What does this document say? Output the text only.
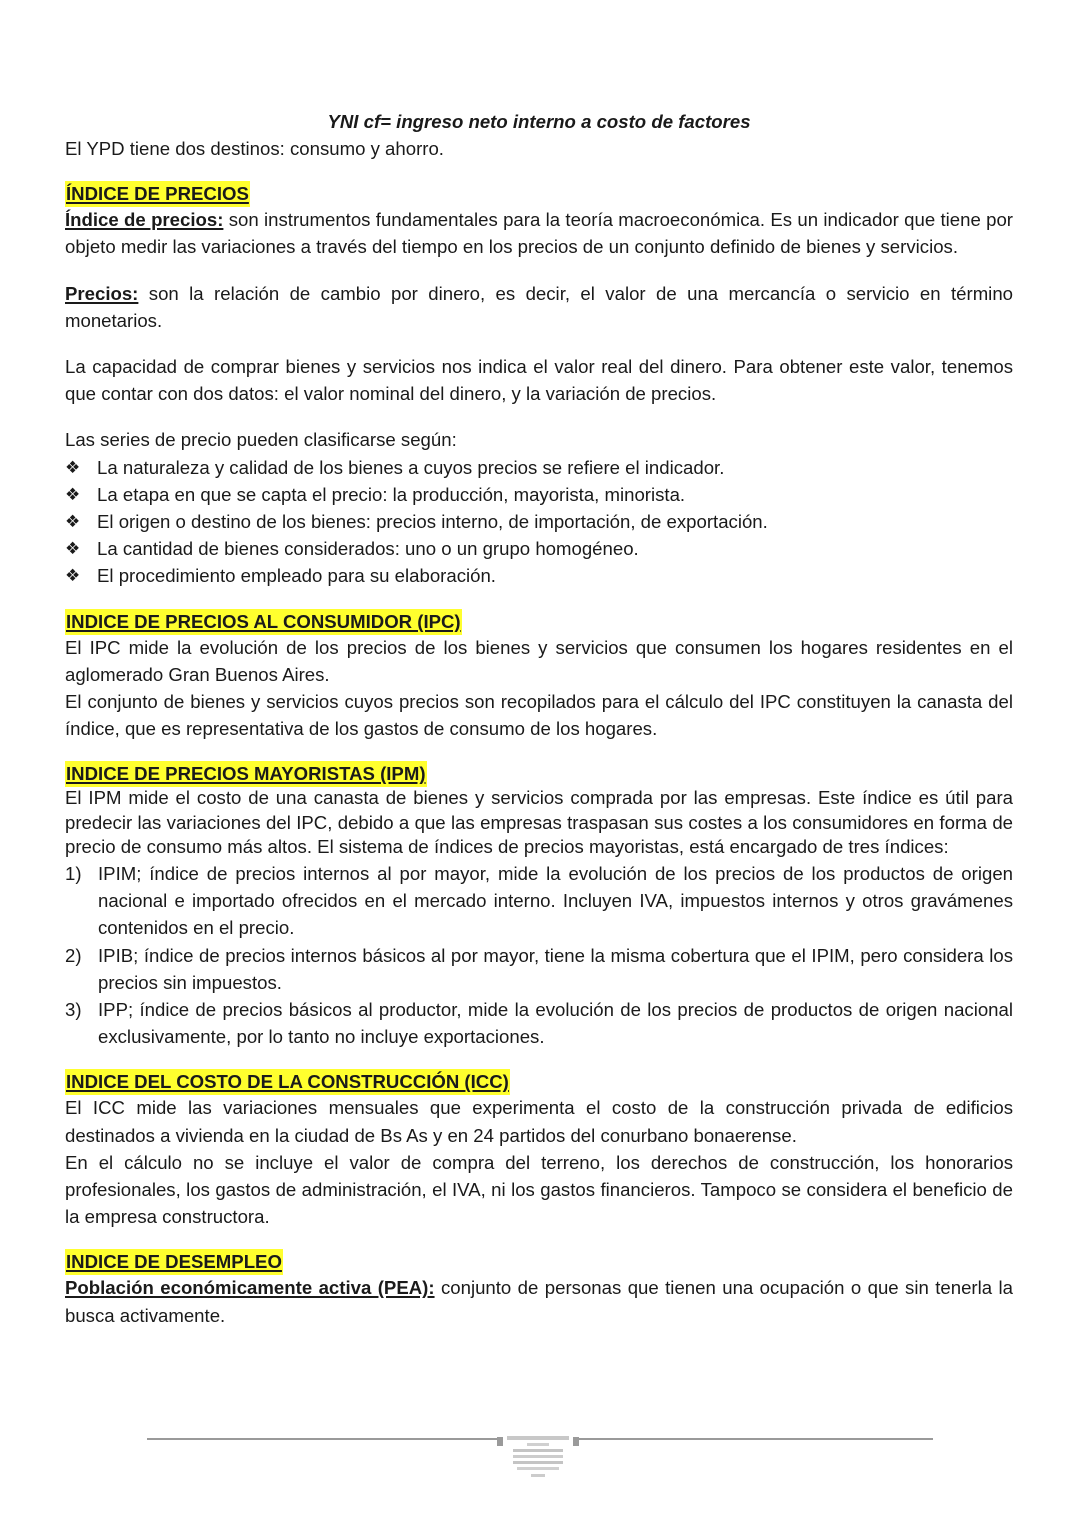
YNI cf= ingreso neto interno a costo de factores

El YPD tiene dos destinos: consumo y ahorro.

ÍNDICE DE PRECIOS

Índice de precios: son instrumentos fundamentales para la teoría macroeconómica. Es un indicador que tiene por objeto medir las variaciones a través del tiempo en los precios de un conjunto definido de bienes y servicios.

Precios: son la relación de cambio por dinero, es decir, el valor de una mercancía o servicio en término monetarios.

La capacidad de comprar bienes y servicios nos indica el valor real del dinero. Para obtener este valor, tenemos que contar con dos datos: el valor nominal del dinero, y la variación de precios.

Las series de precio pueden clasificarse según:

❖ La naturaleza y calidad de los bienes a cuyos precios se refiere el indicador.
❖ La etapa en que se capta el precio: la producción, mayorista, minorista.
❖ El origen o destino de los bienes: precios interno, de importación, de exportación.
❖ La cantidad de bienes considerados: uno o un grupo homogéneo.
❖ El procedimiento empleado para su elaboración.
INDICE DE PRECIOS AL CONSUMIDOR (IPC)

El IPC mide la evolución de los precios de los bienes y servicios que consumen los hogares residentes en el aglomerado Gran Buenos Aires.

El conjunto de bienes y servicios cuyos precios son recopilados para el cálculo del IPC constituyen la canasta del índice, que es representativa de los gastos de consumo de los hogares.

INDICE DE PRECIOS MAYORISTAS (IPM)

El IPM mide el costo de una canasta de bienes y servicios comprada por las empresas. Este índice es útil para predecir las variaciones del IPC, debido a que las empresas traspasan sus costes a los consumidores en forma de precio de consumo más altos. El sistema de índices de precios mayoristas, está encargado de tres índices:

1) IPIM; índice de precios internos al por mayor, mide la evolución de los precios de los productos de origen nacional e importado ofrecidos en el mercado interno. Incluyen IVA, impuestos internos y otros gravámenes contenidos en el precio.
2) IPIB; índice de precios internos básicos al por mayor, tiene la misma cobertura que el IPIM, pero considera los precios sin impuestos.
3) IPP; índice de precios básicos al productor, mide la evolución de los precios de productos de origen nacional exclusivamente, por lo tanto no incluye exportaciones.
INDICE DEL COSTO DE LA CONSTRUCCIÓN (ICC)

El ICC mide las variaciones mensuales que experimenta el costo de la construcción privada de edificios destinados a vivienda en la ciudad de Bs As y en 24 partidos del conurbano bonaerense.

En el cálculo no se incluye el valor de compra del terreno, los derechos de construcción, los honorarios profesionales, los gastos de administración, el IVA, ni los gastos financieros. Tampoco se considera el beneficio de la empresa constructora.

INDICE DE DESEMPLEO

Población económicamente activa (PEA): conjunto de personas que tienen una ocupación o que sin tenerla la busca activamente.
